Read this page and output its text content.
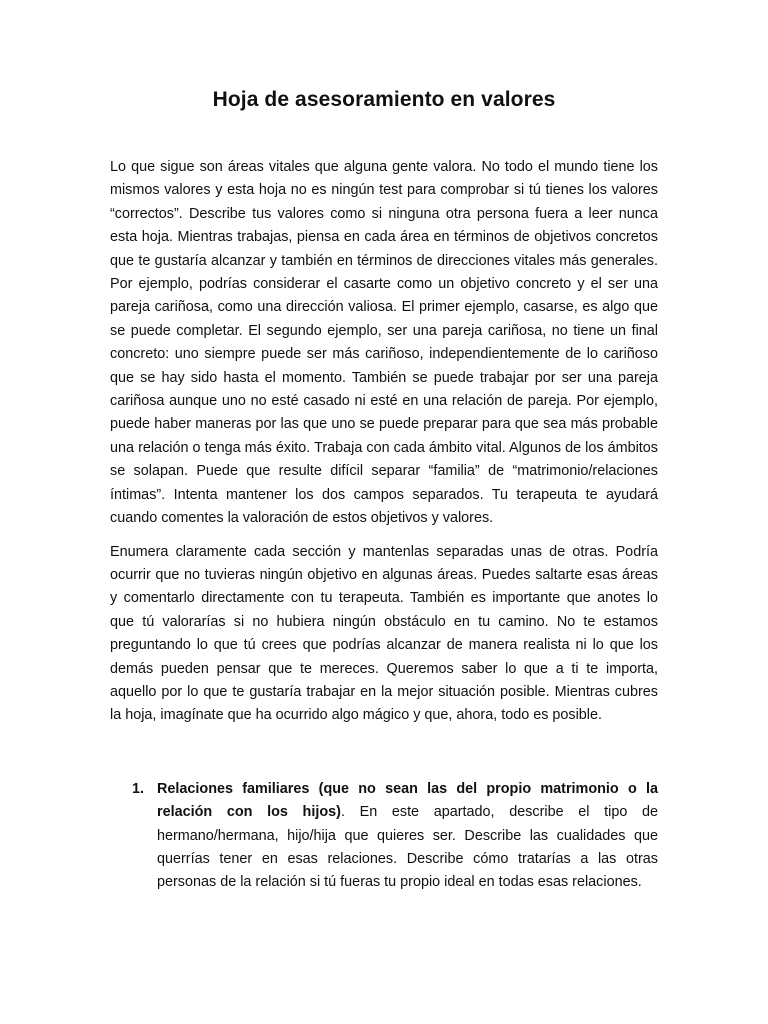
Hoja de asesoramiento en valores

Lo que sigue son áreas vitales que alguna gente valora. No todo el mundo tiene los mismos valores y esta hoja no es ningún test para comprobar si tú tienes los valores “correctos”. Describe tus valores como si ninguna otra persona fuera a leer nunca esta hoja. Mientras trabajas, piensa en cada área en términos de objetivos concretos que te gustaría alcanzar y también en términos de direcciones vitales más generales. Por ejemplo, podrías considerar el casarte como un objetivo concreto y el ser una pareja cariñosa, como una dirección valiosa. El primer ejemplo, casarse, es algo que se puede completar. El segundo ejemplo, ser una pareja cariñosa, no tiene un final concreto: uno siempre puede ser más cariñoso, independientemente de lo cariñoso que se hay sido hasta el momento. También se puede trabajar por ser una pareja cariñosa aunque uno no esté casado ni esté en una relación de pareja. Por ejemplo, puede haber maneras por las que uno se puede preparar para que sea más probable una relación o tenga más éxito. Trabaja con cada ámbito vital. Algunos de los ámbitos se solapan. Puede que resulte difícil separar “familia” de “matrimonio/relaciones íntimas”. Intenta mantener los dos campos separados. Tu terapeuta te ayudará cuando comentes la valoración de estos objetivos y valores.

Enumera claramente cada sección y mantenlas separadas unas de otras. Podría ocurrir que no tuvieras ningún objetivo en algunas áreas. Puedes saltarte esas áreas y comentarlo directamente con tu terapeuta. También es importante que anotes lo que tú valorarías si no hubiera ningún obstáculo en tu camino. No te estamos preguntando lo que tú crees que podrías alcanzar de manera realista ni lo que los demás pueden pensar que te mereces. Queremos saber lo que a ti te importa, aquello por lo que te gustaría trabajar en la mejor situación posible. Mientras cubres la hoja, imagínate que ha ocurrido algo mágico y que, ahora, todo es posible.

1. Relaciones familiares (que no sean las del propio matrimonio o la relación con los hijos). En este apartado, describe el tipo de hermano/hermana, hijo/hija que quieres ser. Describe las cualidades que querrías tener en esas relaciones. Describe cómo tratarías a las otras personas de la relación si tú fueras tu propio ideal en todas esas relaciones.
